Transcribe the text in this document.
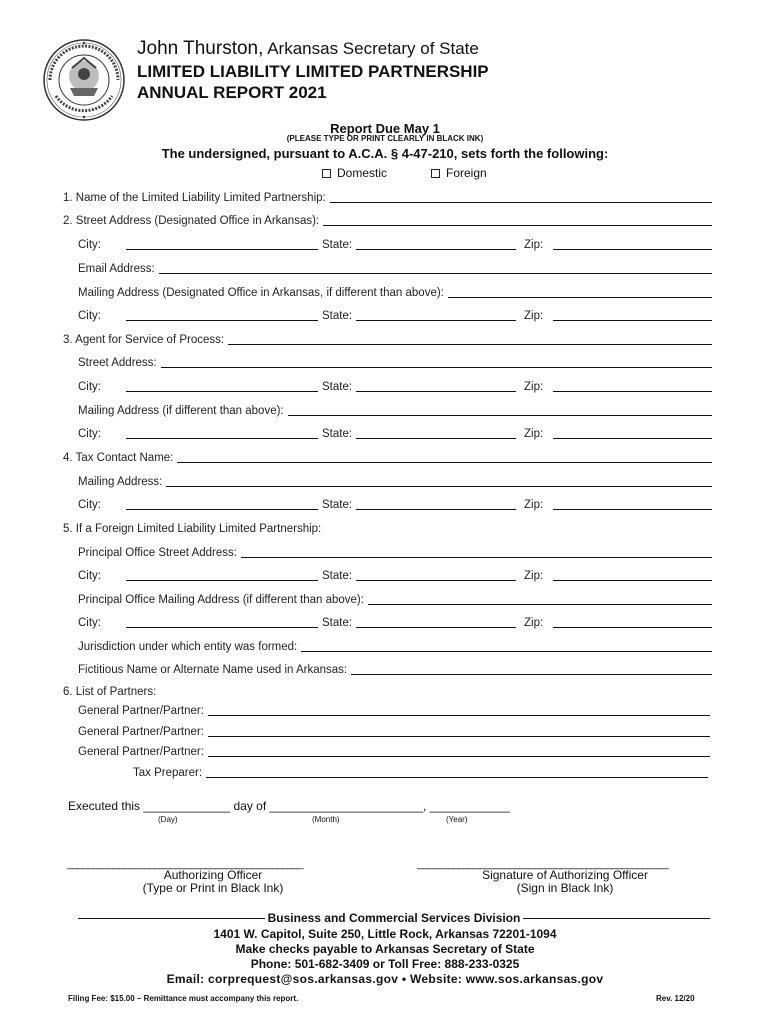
John Thurston, Arkansas Secretary of State
LIMITED LIABILITY LIMITED PARTNERSHIP
ANNUAL REPORT 2021
Report Due May 1
(PLEASE TYPE OR PRINT CLEARLY IN BLACK INK)
The undersigned, pursuant to A.C.A. § 4-47-210, sets forth the following:
Domestic	Foreign
1. Name of the Limited Liability Limited Partnership:
2. Street Address (Designated Office in Arkansas):
City:	State:	Zip:
Email Address:
Mailing Address (Designated Office in Arkansas, if different than above):
City:	State:	Zip:
3. Agent for Service of Process:
Street Address:
City:	State:	Zip:
Mailing Address (if different than above):
City:	State:	Zip:
4. Tax Contact Name:
Mailing Address:
City:	State:	Zip:
5. If a Foreign Limited Liability Limited Partnership:
Principal Office Street Address:
City:	State:	Zip:
Principal Office Mailing Address (if different than above):
City:	State:	Zip:
Jurisdiction under which entity was formed:
Fictitious Name or Alternate Name used in Arkansas:
6. List of Partners:
General Partner/Partner:
General Partner/Partner:
General Partner/Partner:
Tax Preparer:
Executed this _____________ day of _______________________, ____________
(Day)	(Month)	(Year)
______________________________________________	_________________________________________________
Authorizing Officer
(Type or Print in Black Ink)
Signature of Authorizing Officer
(Sign in Black Ink)
Business and Commercial Services Division
1401 W. Capitol, Suite 250, Little Rock, Arkansas 72201-1094
Make checks payable to Arkansas Secretary of State
Phone: 501-682-3409 or Toll Free: 888-233-0325
Email: corprequest@sos.arkansas.gov • Website: www.sos.arkansas.gov
Filing Fee: $15.00 – Remittance must accompany this report.	Rev. 12/20
